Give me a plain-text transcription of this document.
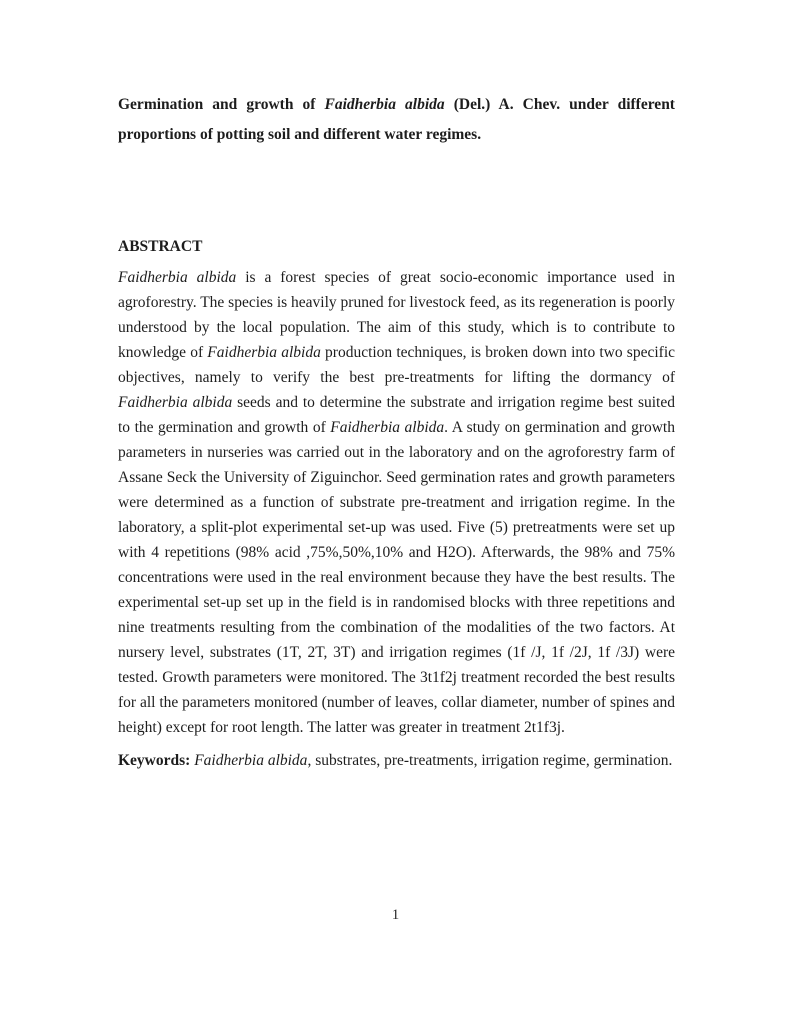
Germination and growth of Faidherbia albida (Del.) A. Chev. under different proportions of potting soil and different water regimes.
ABSTRACT

Faidherbia albida is a forest species of great socio-economic importance used in agroforestry. The species is heavily pruned for livestock feed, as its regeneration is poorly understood by the local population. The aim of this study, which is to contribute to knowledge of Faidherbia albida production techniques, is broken down into two specific objectives, namely to verify the best pre-treatments for lifting the dormancy of Faidherbia albida seeds and to determine the substrate and irrigation regime best suited to the germination and growth of Faidherbia albida. A study on germination and growth parameters in nurseries was carried out in the laboratory and on the agroforestry farm of Assane Seck the University of Ziguinchor. Seed germination rates and growth parameters were determined as a function of substrate pre-treatment and irrigation regime. In the laboratory, a split-plot experimental set-up was used. Five (5) pretreatments were set up with 4 repetitions (98% acid ,75%,50%,10% and H2O). Afterwards, the 98% and 75% concentrations were used in the real environment because they have the best results. The experimental set-up set up in the field is in randomised blocks with three repetitions and nine treatments resulting from the combination of the modalities of the two factors. At nursery level, substrates (1T, 2T, 3T) and irrigation regimes (1f /J, 1f /2J, 1f /3J) were tested. Growth parameters were monitored. The 3t1f2j treatment recorded the best results for all the parameters monitored (number of leaves, collar diameter, number of spines and height) except for root length. The latter was greater in treatment 2t1f3j.

Keywords: Faidherbia albida, substrates, pre-treatments, irrigation regime, germination.

1
